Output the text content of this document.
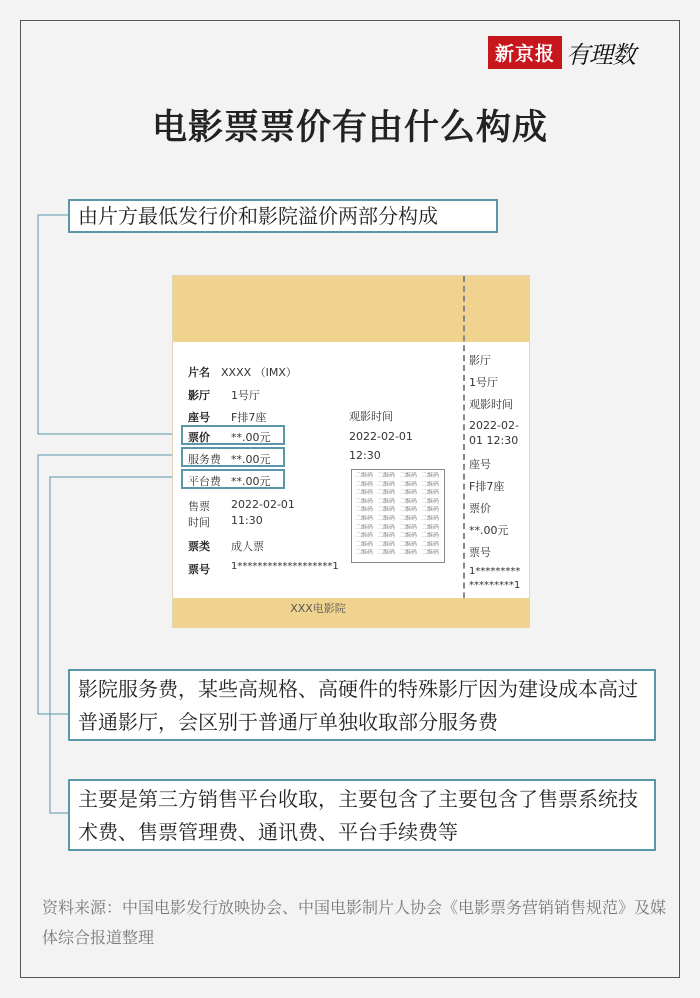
新京报 有理数
电影票票价有由什么构成
由片方最低发行价和影院溢价两部分构成
片名 XXXX （IMX）
影厅 1号厅
座号 F排7座
票价 **.00元
服务费 **.00元
平台费 **.00元
售票
时间
2022-02-01
11:30
票类 成人票
票号 1*******************1
观影时间
2022-02-01
12:30
二维码 二维码 二维码 二维码
二维码 二维码 二维码 二维码
二维码 二维码 二维码 二维码
二维码 二维码 二维码 二维码
二维码 二维码 二维码 二维码
二维码 二维码 二维码 二维码
二维码 二维码 二维码 二维码
二维码 二维码 二维码 二维码
二维码 二维码 二维码 二维码
二维码 二维码 二维码 二维码
影厅
1号厅
观影时间
2022-02-
01 12:30
座号
F排7座
票价
**.00元
票号
1*********
*********1
XXX电影院
影院服务费，某些高规格、高硬件的特殊影厅因为建设成本高过普通影厅，会区别于普通厅单独收取部分服务费
主要是第三方销售平台收取，主要包含了主要包含了售票系统技术费、售票管理费、通讯费、平台手续费等
资料来源：中国电影发行放映协会、中国电影制片人协会《电影票务营销销售规范》及媒体综合报道整理
